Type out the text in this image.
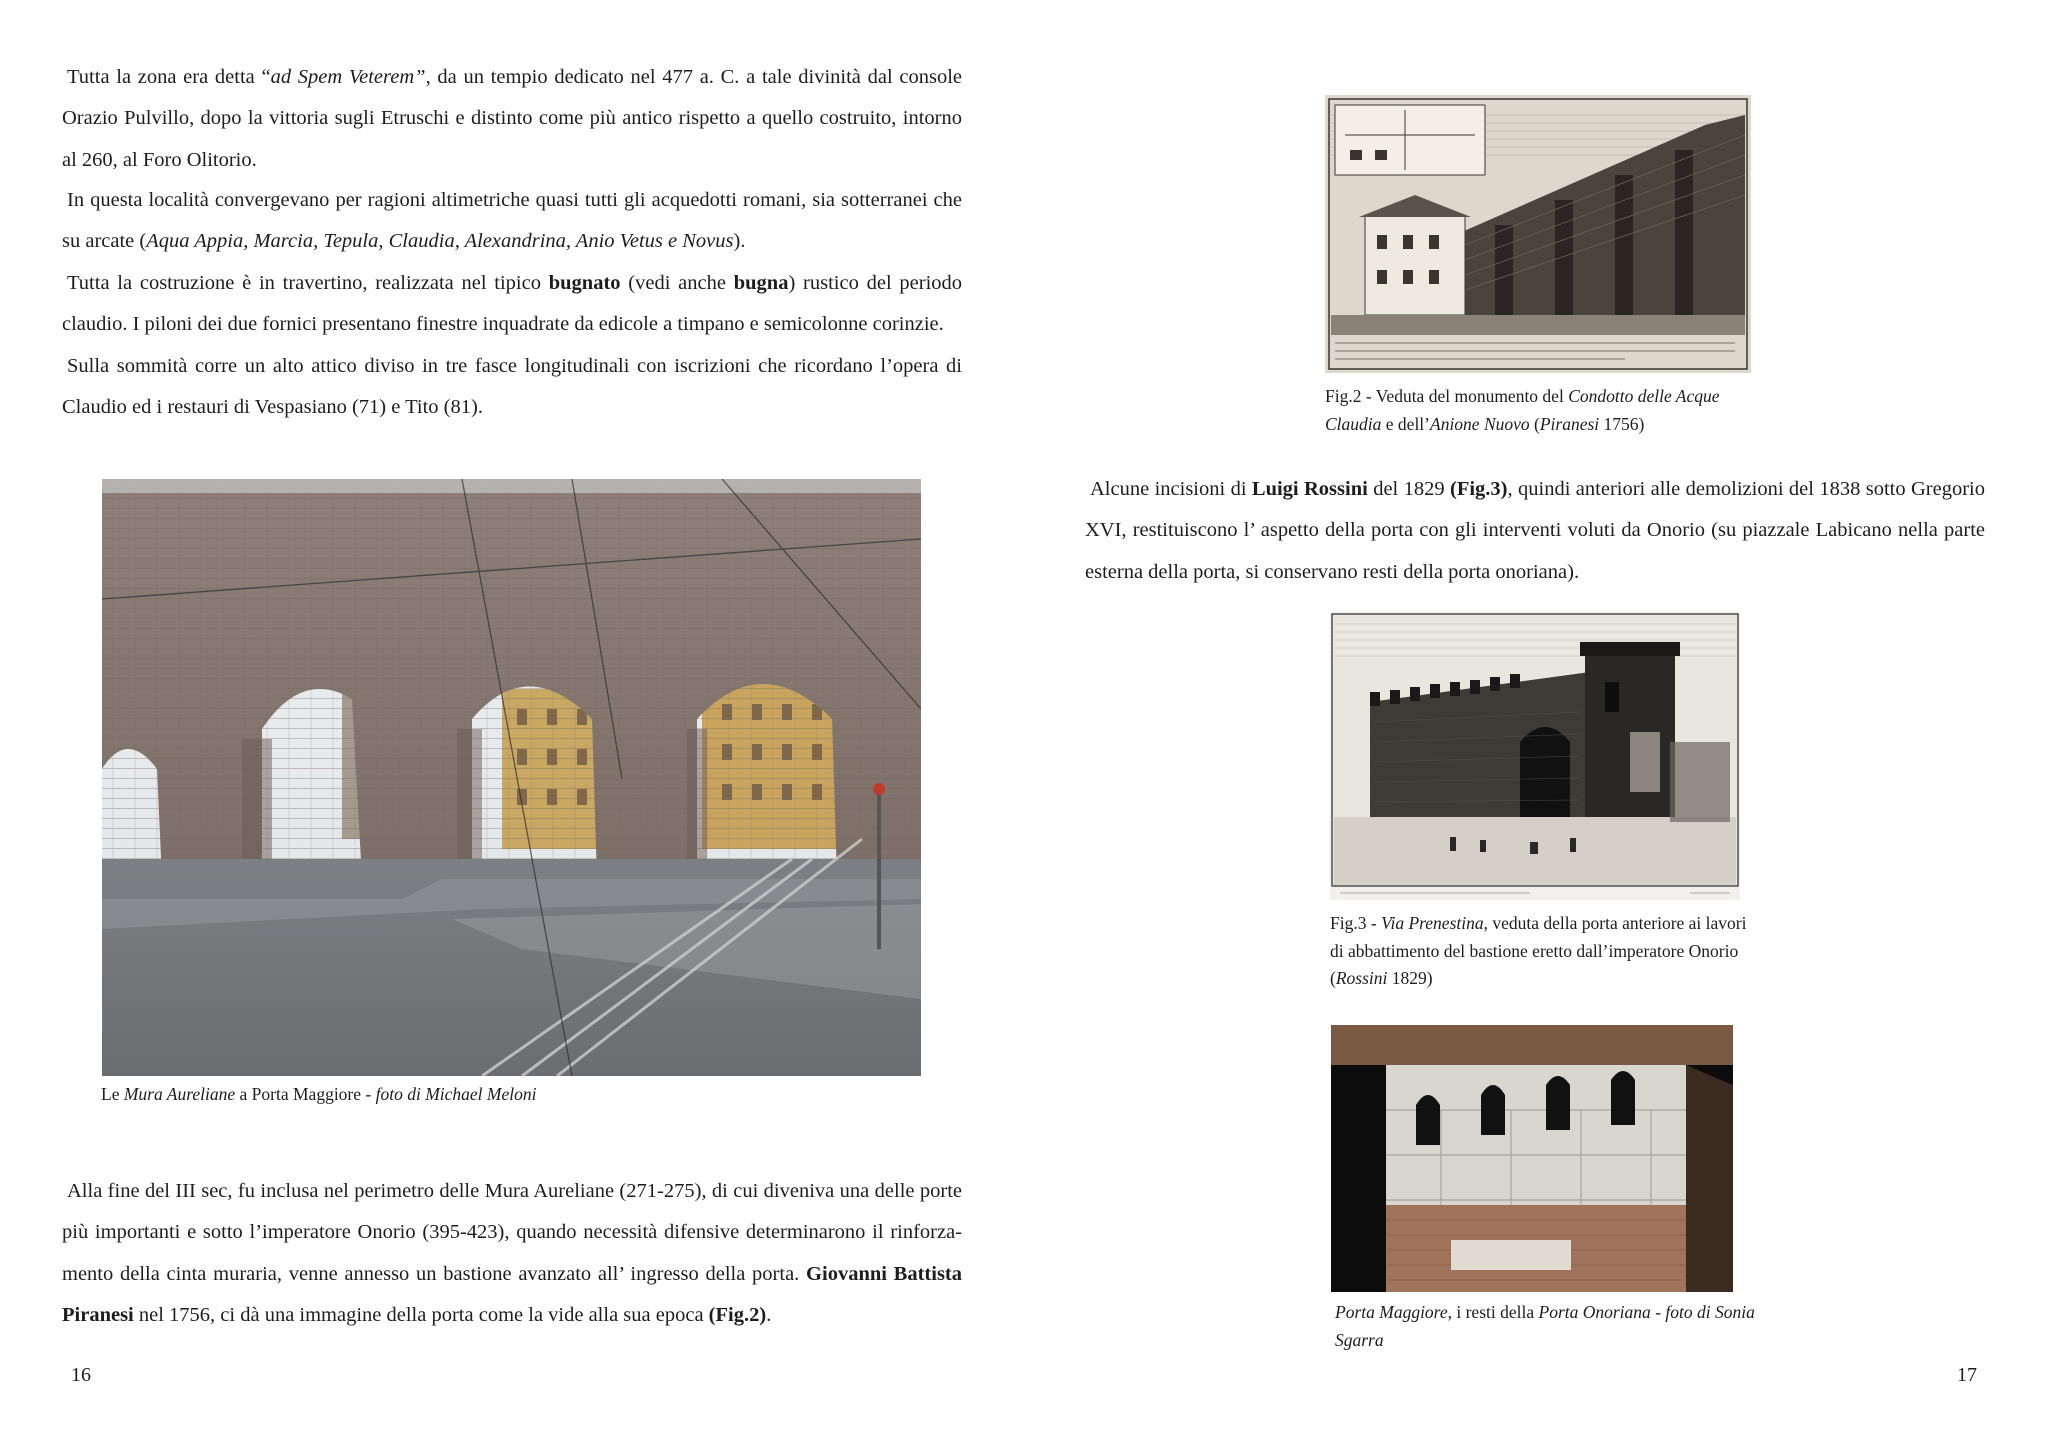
Tutta la zona era detta “ad Spem Veterem”, da un tempio dedicato nel 477 a. C. a tale divinità dal console Orazio Pulvillo, dopo la vittoria sugli Etruschi e distinto come più antico rispetto a quello costruito, intorno al 260, al Foro Olitorio.

In questa località convergevano per ragioni altimetriche quasi tutti gli acquedotti romani, sia sotterranei che su arcate (Aqua Appia, Marcia, Tepula, Claudia, Alexandrina, Anio Vetus e Novus).

Tutta la costruzione è in travertino, realizzata nel tipico bugnato (vedi anche bugna) rustico del periodo claudio. I piloni dei due fornici presentano finestre inquadrate da edicole a timpano e semicolonne corinzie.

Sulla sommità corre un alto attico diviso in tre fasce longitudinali con iscrizioni che ricordano l’opera di Claudio ed i restauri di Vespasiano (71) e Tito (81).

Le Mura Aureliane a Porta Maggiore - foto di Michael Meloni

Alla fine del III sec, fu inclusa nel perimetro delle Mura Aureliane (271-275), di cui diveniva una delle porte più importanti e sotto l’imperatore Onorio (395-423), quando necessità difensive determinarono il rinforzamento della cinta muraria, venne annesso un bastione avanzato all’ ingresso della porta. Giovanni Battista Piranesi nel 1756, ci dà una immagine della porta come la vide alla sua epoca (Fig.2).

16

Fig.2 - Veduta del monumento del Condotto delle Acque Claudia e dell’Anione Nuovo (Piranesi 1756)

Alcune incisioni di Luigi Rossini del 1829 (Fig.3), quindi anteriori alle demolizioni del 1838 sotto Gregorio XVI, restituiscono l’ aspetto della porta con gli interventi voluti da Onorio (su piazzale Labicano nella parte esterna della porta, si conservano resti della porta onoriana).

Fig.3 - Via Prenestina, veduta della porta anteriore ai lavori di abbattimento del bastione eretto dall’imperatore Onorio (Rossini 1829)

Porta Maggiore, i resti della Porta Onoriana - foto di Sonia Sgarra

17
